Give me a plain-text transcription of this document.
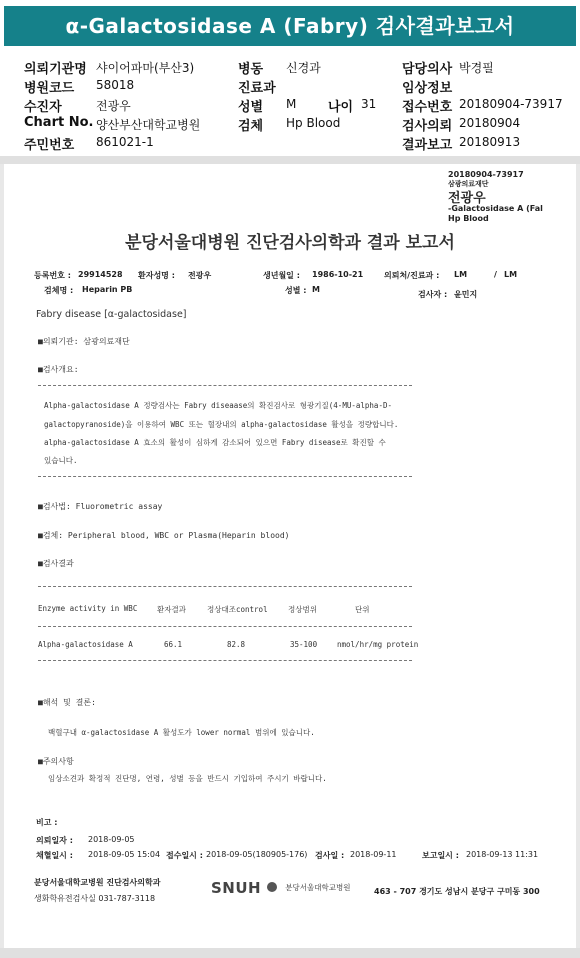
α-Galactosidase A (Fabry) 검사결과보고서
의뢰기관명 샤이어파마(부산3)	병동 신경과	담당의사 박경필
병원코드 58018	진료과	임상정보
수진자	전광우	성별 M 나이 31 접수번호 20180904-73917
Chart No. 양산부산대학교병원	검체 Hp Blood	검사의뢰 20180904
주민번호 861021-1	결과보고 20180913
20180904-73917
삼광의료재단
전광우
-Galactosidase A (Fal
Hp Blood
분당서울대병원 진단검사의학과 결과 보고서
등록번호 : 29914528 환자성명 : 전광우	생년월일 : 1986-10-21	의뢰처/진료과 : LM	/ LM
검체명 : Heparin PB	성별 : M
검사자 : 윤민지
Fabry disease [α-galactosidase]
■의뢰기관: 삼광의료재단
■검사개요:
Alpha-galactosidase A 정량검사는 Fabry diseaase의 확진검사로 형광기질(4-MU-alpha-D-
galactopyranoside)을 이용하여 WBC 또는 혈장내의 alpha-galactosidase 활성을 정량합니다.
alpha-galactosidase A 효소의 활성이 심하게 감소되어 있으면 Fabry disease로 확진할 수
있습니다.
■검사법: Fluorometric assay
■검체: Peripheral blood, WBC or Plasma(Heparin blood)
■검사결과
Enzyme activity in WBC	환자결과	정상대조control	정상범위	단위
Alpha-galactosidase A	66.1	82.8	35-100	nmol/hr/mg protein
■해석 및 결론:
백혈구내 α-galactosidase A 활성도가 lower normal 범위에 있습니다.
■주의사항
임상소견과 확정적 진단명, 연령, 성별 등을 반드시 기입하여 주시기 바랍니다.
비고 :
의뢰일자 : 2018-09-05
채혈일시 : 2018-09-05 15:04 접수일시 : 2018-09-05(180905-176) 검사일 : 2018-09-11	보고일시 : 2018-09-13 11:31
분당서울대학교병원 진단검사의학과
생화학유전검사실 031-787-3118
SNUH	분당서울대학교병원	463 - 707 경기도 성남시 분당구 구미동 300
